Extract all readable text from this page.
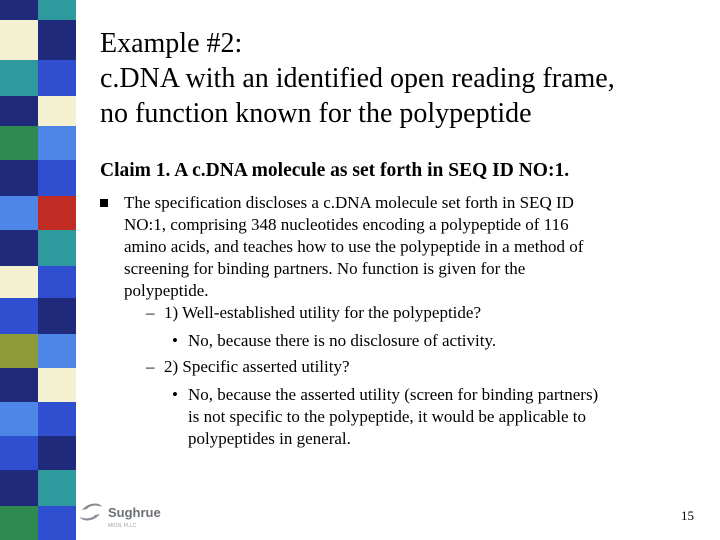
Example #2:
c.DNA with an identified open reading frame,
no function known for the polypeptide
Claim 1. A c.DNA molecule as set forth in SEQ ID NO:1.
The specification discloses a c.DNA molecule set forth in SEQ ID
NO:1, comprising 348 nucleotides encoding a polypeptide of 116
amino acids, and teaches how to use the polypeptide in a method of
screening for binding partners. No function is given for the
polypeptide.
– 1) Well-established utility for the polypeptide?
• No, because there is no disclosure of activity.
– 2) Specific asserted utility?
• No, because the asserted utility (screen for binding partners)
is not specific to the polypeptide, it would be applicable to
polypeptides in general.
Sughrue
MION, PLLC
15
